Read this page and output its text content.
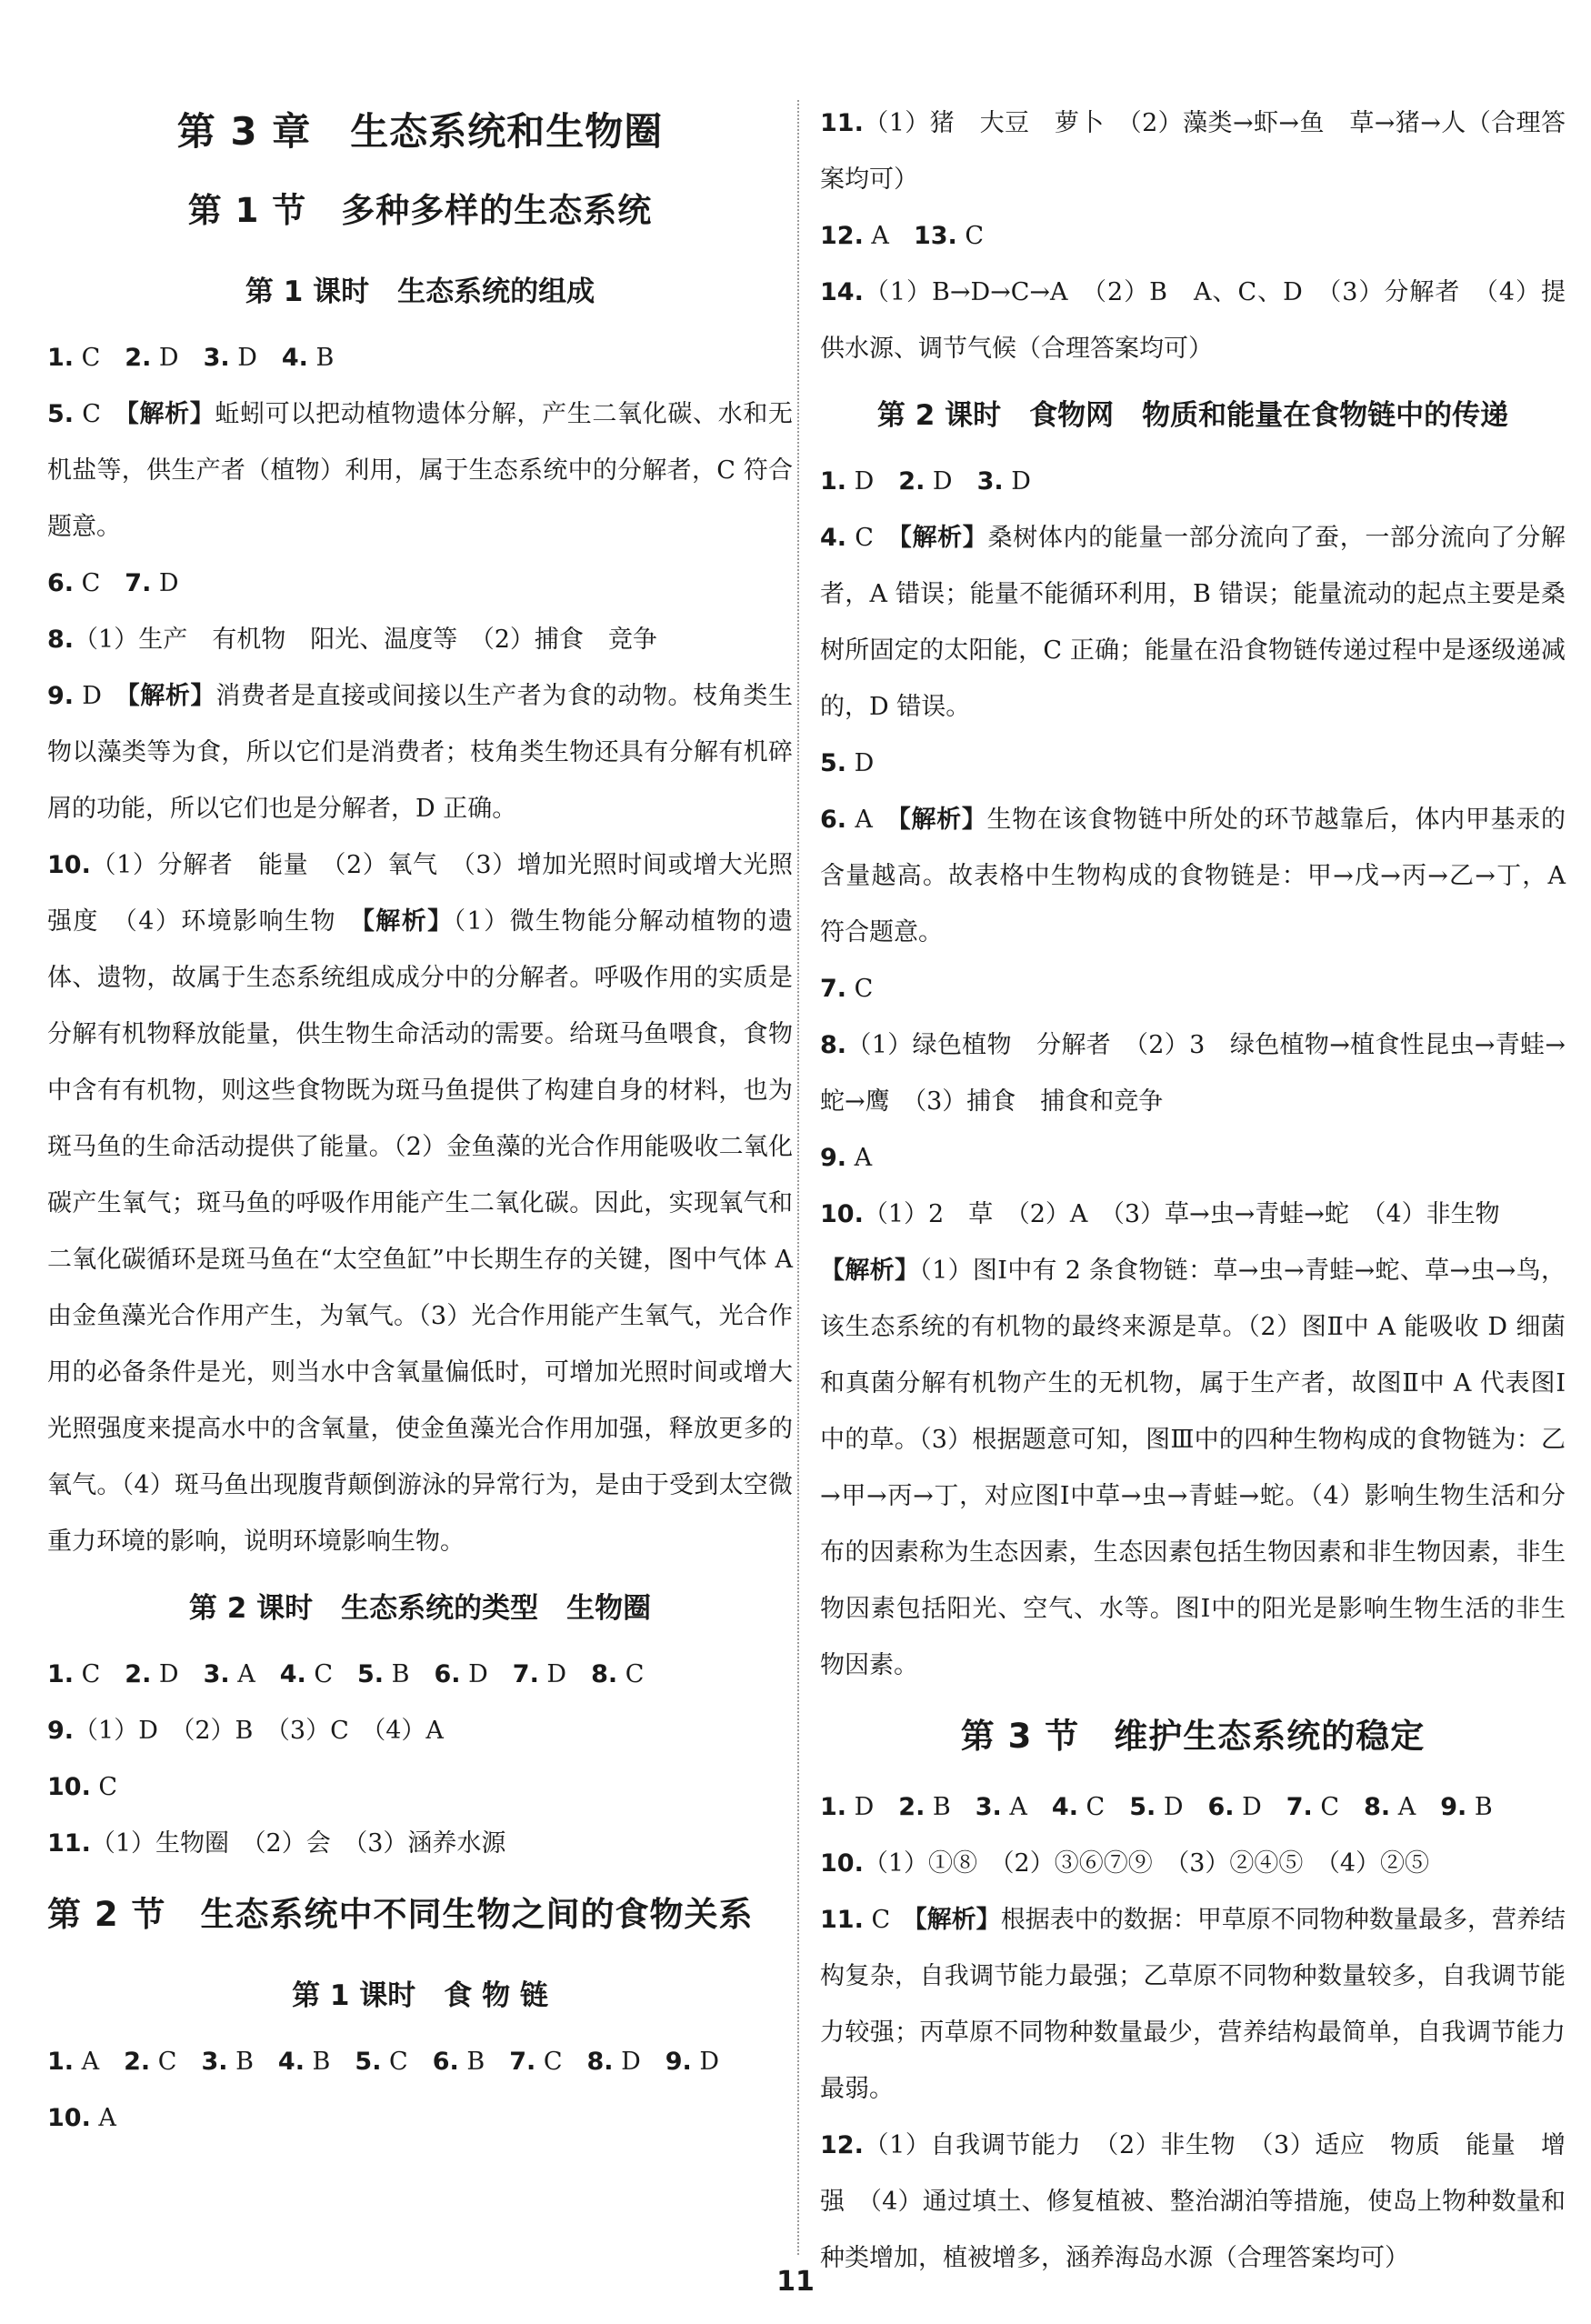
第 3 章　生态系统和生物圈
第 1 节　多种多样的生态系统
第 1 课时　生态系统的组成

1. C　2. D　3. D　4. B

5. C　【解析】蚯蚓可以把动植物遗体分解，产生二氧化碳、水和无机盐等，供生产者（植物）利用，属于生态系统中的分解者，C 符合题意。

6. C　7. D

8.（1）生产　有机物　阳光、温度等　（2）捕食　竞争

9. D　【解析】消费者是直接或间接以生产者为食的动物。枝角类生物以藻类等为食，所以它们是消费者；枝角类生物还具有分解有机碎屑的功能，所以它们也是分解者，D 正确。

10.（1）分解者　能量　（2）氧气　（3）增加光照时间或增大光照强度　（4）环境影响生物　【解析】（1）微生物能分解动植物的遗体、遗物，故属于生态系统组成成分中的分解者。呼吸作用的实质是分解有机物释放能量，供生物生命活动的需要。给斑马鱼喂食，食物中含有有机物，则这些食物既为斑马鱼提供了构建自身的材料，也为斑马鱼的生命活动提供了能量。（2）金鱼藻的光合作用能吸收二氧化碳产生氧气；斑马鱼的呼吸作用能产生二氧化碳。因此，实现氧气和二氧化碳循环是斑马鱼在“太空鱼缸”中长期生存的关键，图中气体 A 由金鱼藻光合作用产生，为氧气。（3）光合作用能产生氧气，光合作用的必备条件是光，则当水中含氧量偏低时，可增加光照时间或增大光照强度来提高水中的含氧量，使金鱼藻光合作用加强，释放更多的氧气。（4）斑马鱼出现腹背颠倒游泳的异常行为，是由于受到太空微重力环境的影响，说明环境影响生物。

第 2 课时　生态系统的类型　生物圈

1. C　2. D　3. A　4. C　5. B　6. D　7. D　8. C

9.（1）D　（2）B　（3）C　（4）A

10. C

11.（1）生物圈　（2）会　（3）涵养水源

第 2 节　生态系统中不同生物之间的食物关系
第 1 课时　食 物 链

1. A　2. C　3. B　4. B　5. C　6. B　7. C　8. D　9. D

10. A

11.（1）猪　大豆　萝卜　（2）藻类→虾→鱼　草→猪→人（合理答案均可）

12. A　13. C

14.（1）B→D→C→A　（2）B　A、C、D　（3）分解者　（4）提供水源、调节气候（合理答案均可）

第 2 课时　食物网　物质和能量在食物链中的传递

1. D　2. D　3. D

4. C　【解析】桑树体内的能量一部分流向了蚕，一部分流向了分解者，A 错误；能量不能循环利用，B 错误；能量流动的起点主要是桑树所固定的太阳能，C 正确；能量在沿食物链传递过程中是逐级递减的，D 错误。

5. D

6. A　【解析】生物在该食物链中所处的环节越靠后，体内甲基汞的含量越高。故表格中生物构成的食物链是：甲→戊→丙→乙→丁，A 符合题意。

7. C

8.（1）绿色植物　分解者　（2）3　绿色植物→植食性昆虫→青蛙→蛇→鹰　（3）捕食　捕食和竞争

9. A

10.（1）2　草　（2）A　（3）草→虫→青蛙→蛇　（4）非生物

【解析】（1）图Ⅰ中有 2 条食物链：草→虫→青蛙→蛇、草→虫→鸟，该生态系统的有机物的最终来源是草。（2）图Ⅱ中 A 能吸收 D 细菌和真菌分解有机物产生的无机物，属于生产者，故图Ⅱ中 A 代表图Ⅰ中的草。（3）根据题意可知，图Ⅲ中的四种生物构成的食物链为：乙→甲→丙→丁，对应图Ⅰ中草→虫→青蛙→蛇。（4）影响生物生活和分布的因素称为生态因素，生态因素包括生物因素和非生物因素，非生物因素包括阳光、空气、水等。图Ⅰ中的阳光是影响生物生活的非生物因素。

第 3 节　维护生态系统的稳定

1. D　2. B　3. A　4. C　5. D　6. D　7. C　8. A　9. B

10.（1）①⑧　（2）③⑥⑦⑨　（3）②④⑤　（4）②⑤

11. C　【解析】根据表中的数据：甲草原不同物种数量最多，营养结构复杂，自我调节能力最强；乙草原不同物种数量较多，自我调节能力较强；丙草原不同物种数量最少，营养结构最简单，自我调节能力最弱。

12.（1）自我调节能力　（2）非生物　（3）适应　物质　能量　增强　（4）通过填土、修复植被、整治湖泊等措施，使岛上物种数量和种类增加，植被增多，涵养海岛水源（合理答案均可）

11
